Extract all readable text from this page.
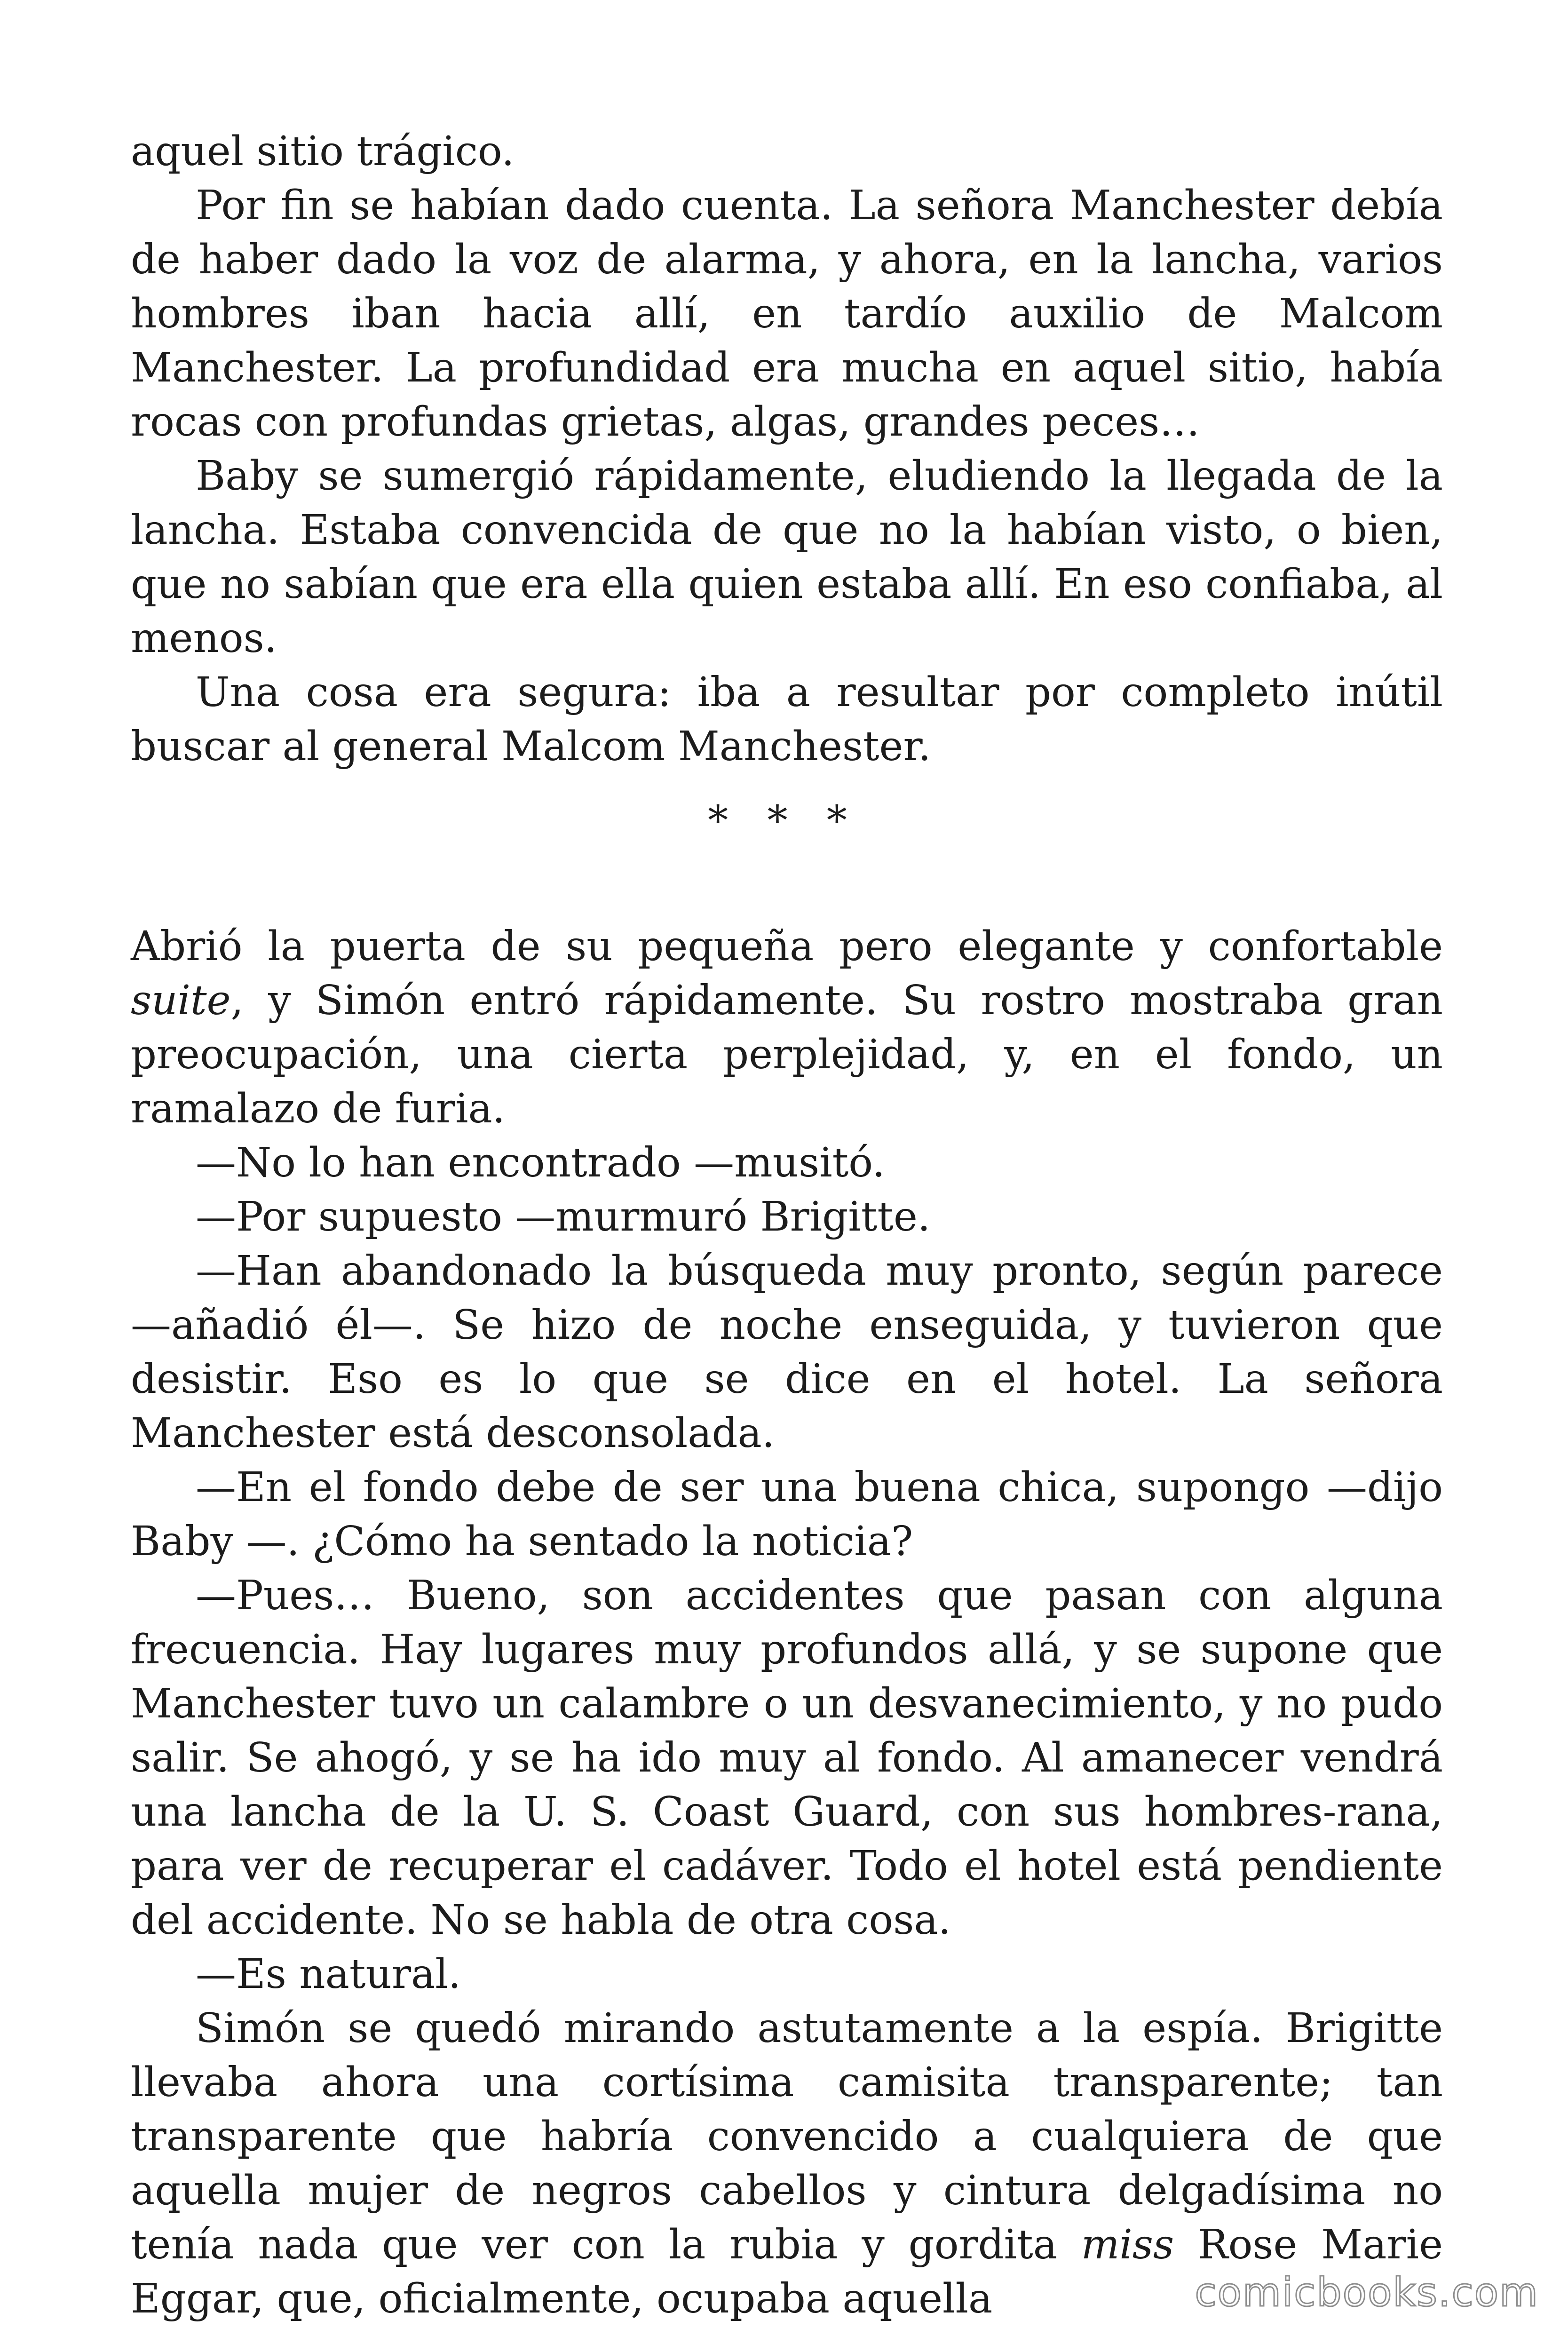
aquel sitio trágico.

Por fin se habían dado cuenta. La señora Manchester debía de haber dado la voz de alarma, y ahora, en la lancha, varios hombres iban hacia allí, en tardío auxilio de Malcom Manchester. La profundidad era mucha en aquel sitio, había rocas con profundas grietas, algas, grandes peces…

Baby se sumergió rápidamente, eludiendo la llegada de la lancha. Estaba convencida de que no la habían visto, o bien, que no sabían que era ella quien estaba allí. En eso confiaba, al menos.

Una cosa era segura: iba a resultar por completo inútil buscar al general Malcom Manchester.

* * *

Abrió la puerta de su pequeña pero elegante y confortable suite, y Simón entró rápidamente. Su rostro mostraba gran preocupación, una cierta perplejidad, y, en el fondo, un ramalazo de furia.

—No lo han encontrado —musitó.

—Por supuesto —murmuró Brigitte.

—Han abandonado la búsqueda muy pronto, según parece —añadió él—. Se hizo de noche enseguida, y tuvieron que desistir. Eso es lo que se dice en el hotel. La señora Manchester está desconsolada.

—En el fondo debe de ser una buena chica, supongo —dijo Baby —. ¿Cómo ha sentado la noticia?

—Pues… Bueno, son accidentes que pasan con alguna frecuencia. Hay lugares muy profundos allá, y se supone que Manchester tuvo un calambre o un desvanecimiento, y no pudo salir. Se ahogó, y se ha ido muy al fondo. Al amanecer vendrá una lancha de la U. S. Coast Guard, con sus hombres-rana, para ver de recuperar el cadáver. Todo el hotel está pendiente del accidente. No se habla de otra cosa.

—Es natural.

Simón se quedó mirando astutamente a la espía. Brigitte llevaba ahora una cortísima camisita transparente; tan transparente que habría convencido a cualquiera de que aquella mujer de negros cabellos y cintura delgadísima no tenía nada que ver con la rubia y gordita miss Rose Marie Eggar, que, oficialmente, ocupaba aquella	comicbooks.com
